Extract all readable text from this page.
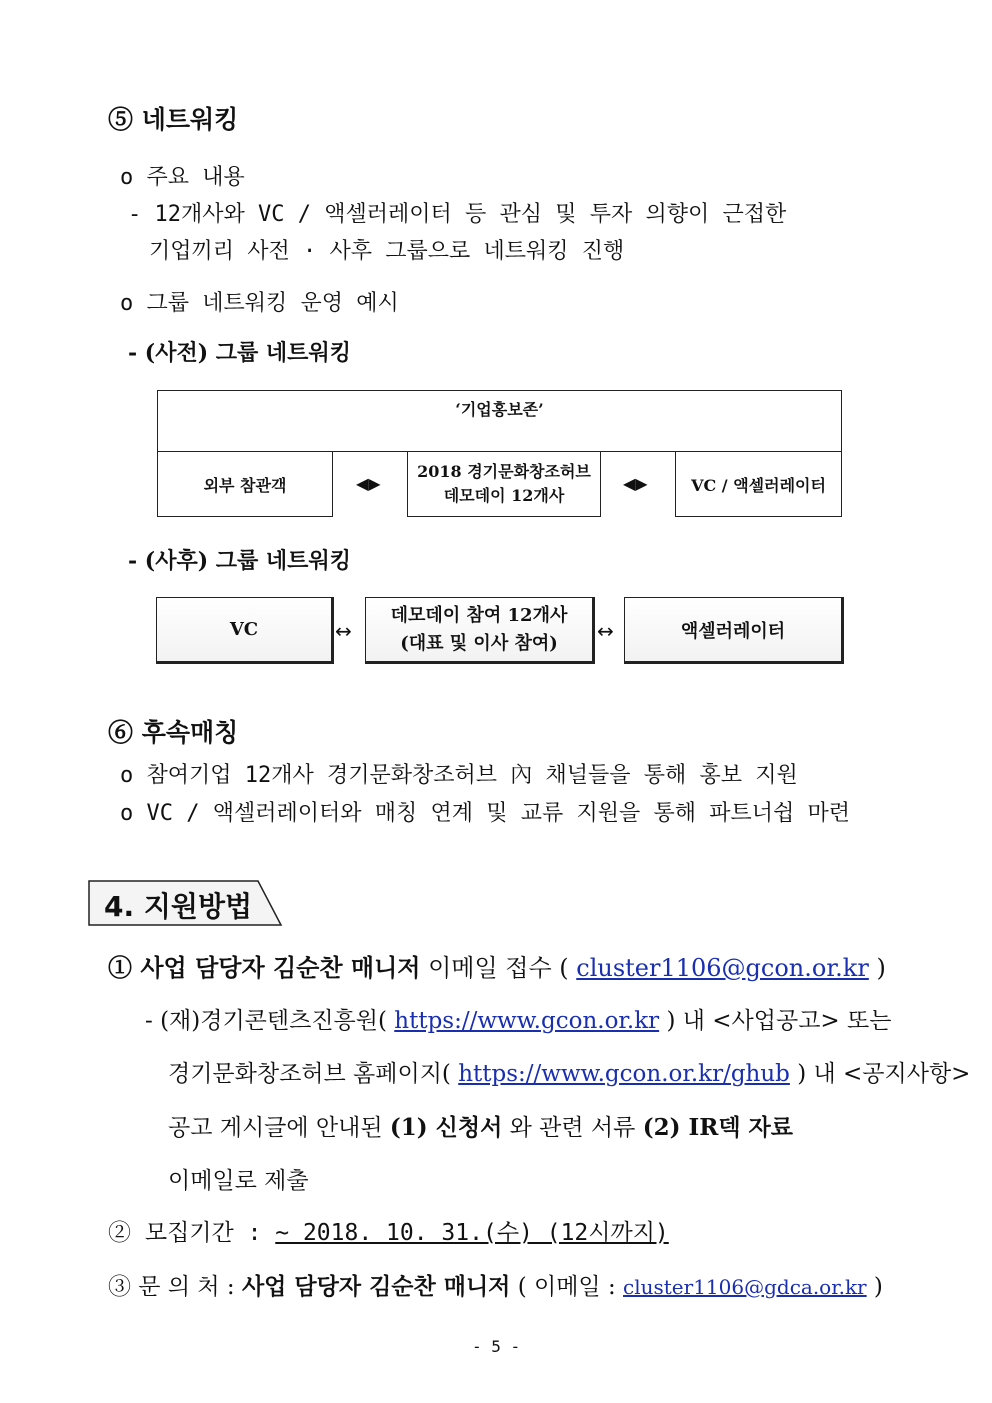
⑤ 네트워킹
o 주요 내용
- 12개사와 VC / 액셀러레이터 등 관심 및 투자 의향이 근접한
기업끼리 사전 · 사후 그룹으로 네트워킹 진행
o 그룹 네트워킹 운영 예시
- (사전) 그룹 네트워킹
‘기업홍보존’
외부 참관객	◀▶
2018 경기문화창조허브
데모데이 12개사
◀▶	VC / 액셀러레이터
- (사후) 그룹 네트워킹
VC	↔
데모데이 참여 12개사
(대표 및 이사 참여) ↔	액셀러레이터
⑥ 후속매칭
o 참여기업 12개사 경기문화창조허브 內 채널들을 통해 홍보 지원
o VC / 액셀러레이터와 매칭 연계 및 교류 지원을 통해 파트너쉽 마련
4. 지원방법
① 사업 담당자 김순찬 매니저 이메일 접수 ( cluster1106@gcon.or.kr )
- (재)경기콘텐츠진흥원( https://www.gcon.or.kr ) 내 <사업공고> 또는
경기문화창조허브 홈페이지( https://www.gcon.or.kr/ghub ) 내 <공지사항>
공고 게시글에 안내된 (1) 신청서 와 관련 서류 (2) IR덱 자료
이메일로 제출
② 모집기간 : ~ 2018. 10. 31.(수) (12시까지)
③ 문 의 처 : 사업 담당자 김순찬 매니저 ( 이메일 : cluster1106@gdca.or.kr )
- 5 -
